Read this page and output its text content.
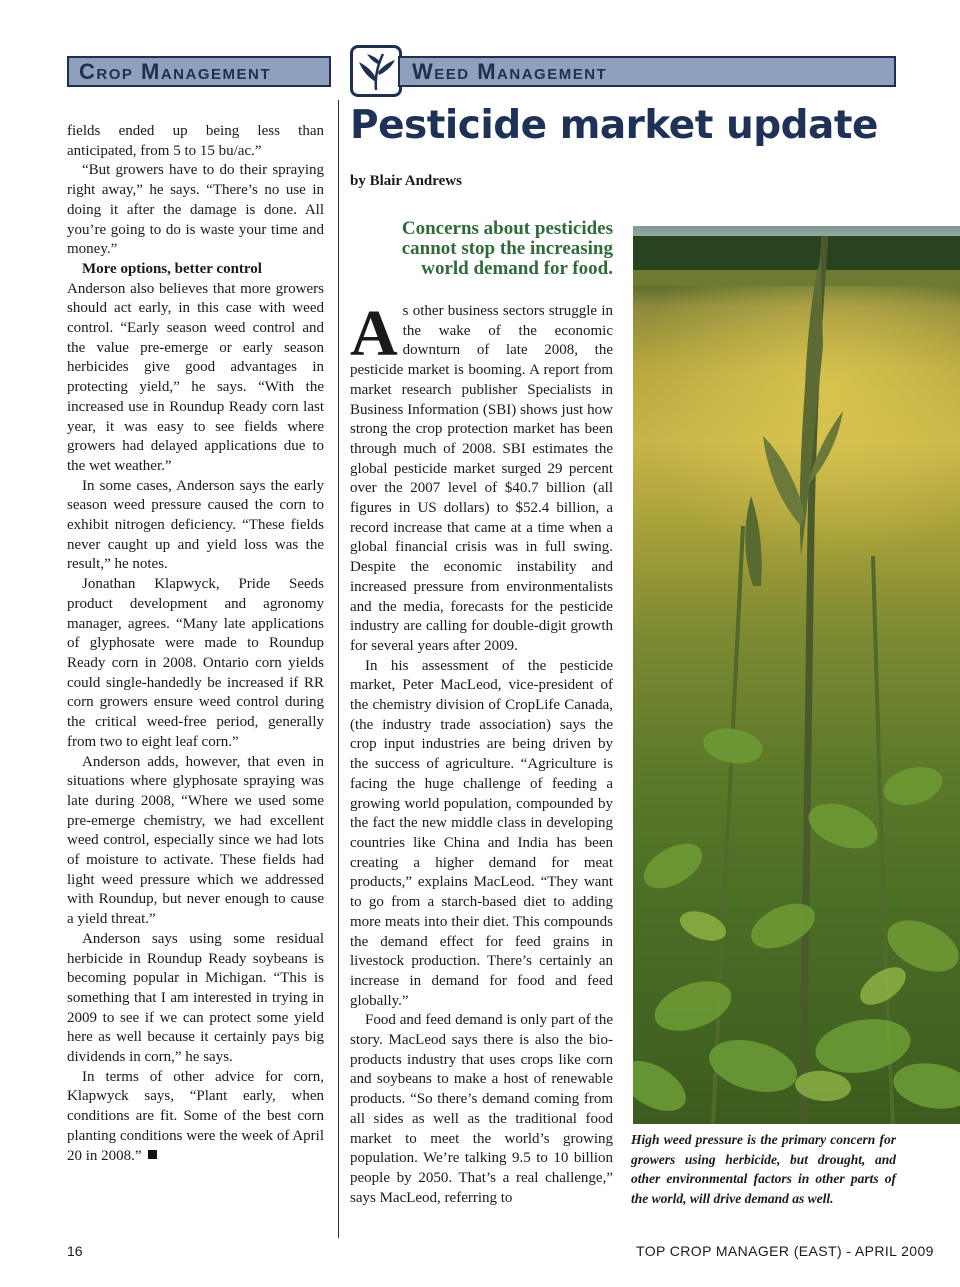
Crop Management	Weed Management

fields ended up being less than anticipated, from 5 to 15 bu/ac.”

“But growers have to do their spraying right away,” he says. “There’s no use in doing it after the damage is done. All you’re going to do is waste your time and money.”

More options, better control

Anderson also believes that more growers should act early, in this case with weed control. “Early season weed control and the value pre-emerge or early season herbicides give good advantages in protecting yield,” he says. “With the increased use in Roundup Ready corn last year, it was easy to see fields where growers had delayed applications due to the wet weather.”

In some cases, Anderson says the early season weed pressure caused the corn to exhibit nitrogen deficiency. “These fields never caught up and yield loss was the result,” he notes.

Jonathan Klapwyck, Pride Seeds product development and agronomy manager, agrees. “Many late applications of glyphosate were made to Roundup Ready corn in 2008. Ontario corn yields could single-handedly be increased if RR corn growers ensure weed control during the critical weed-free period, generally from two to eight leaf corn.”

Anderson adds, however, that even in situations where glyphosate spraying was late during 2008, “Where we used some pre-emerge chemistry, we had excellent weed control, especially since we had lots of moisture to activate. These fields had light weed pressure which we addressed with Roundup, but never enough to cause a yield threat.”

Anderson says using some residual herbicide in Roundup Ready soybeans is becoming popular in Michigan. “This is something that I am interested in trying in 2009 to see if we can protect some yield here as well because it certainly pays big dividends in corn,” he says.

In terms of other advice for corn, Klapwyck says, “Plant early, when conditions are fit. Some of the best corn planting conditions were the week of April 20 in 2008.”

Pesticide market update
by Blair Andrews
Concerns about pesticides cannot stop the increasing world demand for food.

As other business sectors struggle in the wake of the economic downturn of late 2008, the pesticide market is booming. A report from market research publisher Specialists in Business Information (SBI) shows just how strong the crop protection market has been through much of 2008. SBI estimates the global pesticide market surged 29 percent over the 2007 level of $40.7 billion (all figures in US dollars) to $52.4 billion, a record increase that came at a time when a global financial crisis was in full swing. Despite the economic instability and increased pressure from environmentalists and the media, forecasts for the pesticide industry are calling for double-digit growth for several years after 2009.

In his assessment of the pesticide market, Peter MacLeod, vice-president of the chemistry division of CropLife Canada, (the industry trade association) says the crop input industries are being driven by the success of agriculture. “Agriculture is facing the huge challenge of feeding a growing world population, compounded by the fact the new middle class in developing countries like China and India has been creating a higher demand for meat products,” explains MacLeod. “They want to go from a starch-based diet to adding more meats into their diet. This compounds the demand effect for feed grains in livestock production. There’s certainly an increase in demand for food and feed globally.”

Food and feed demand is only part of the story. MacLeod says there is also the bio-products industry that uses crops like corn and soybeans to make a host of renewable products. “So there’s demand coming from all sides as well as the traditional food market to meet the world’s growing population. We’re talking 9.5 to 10 billion people by 2050. That’s a real challenge,” says MacLeod, referring to

High weed pressure is the primary concern for growers using herbicide, but drought, and other environmental factors in other parts of the world, will drive demand as well.
16	TOP CROP MANAGER (EAST) - APRIL 2009
